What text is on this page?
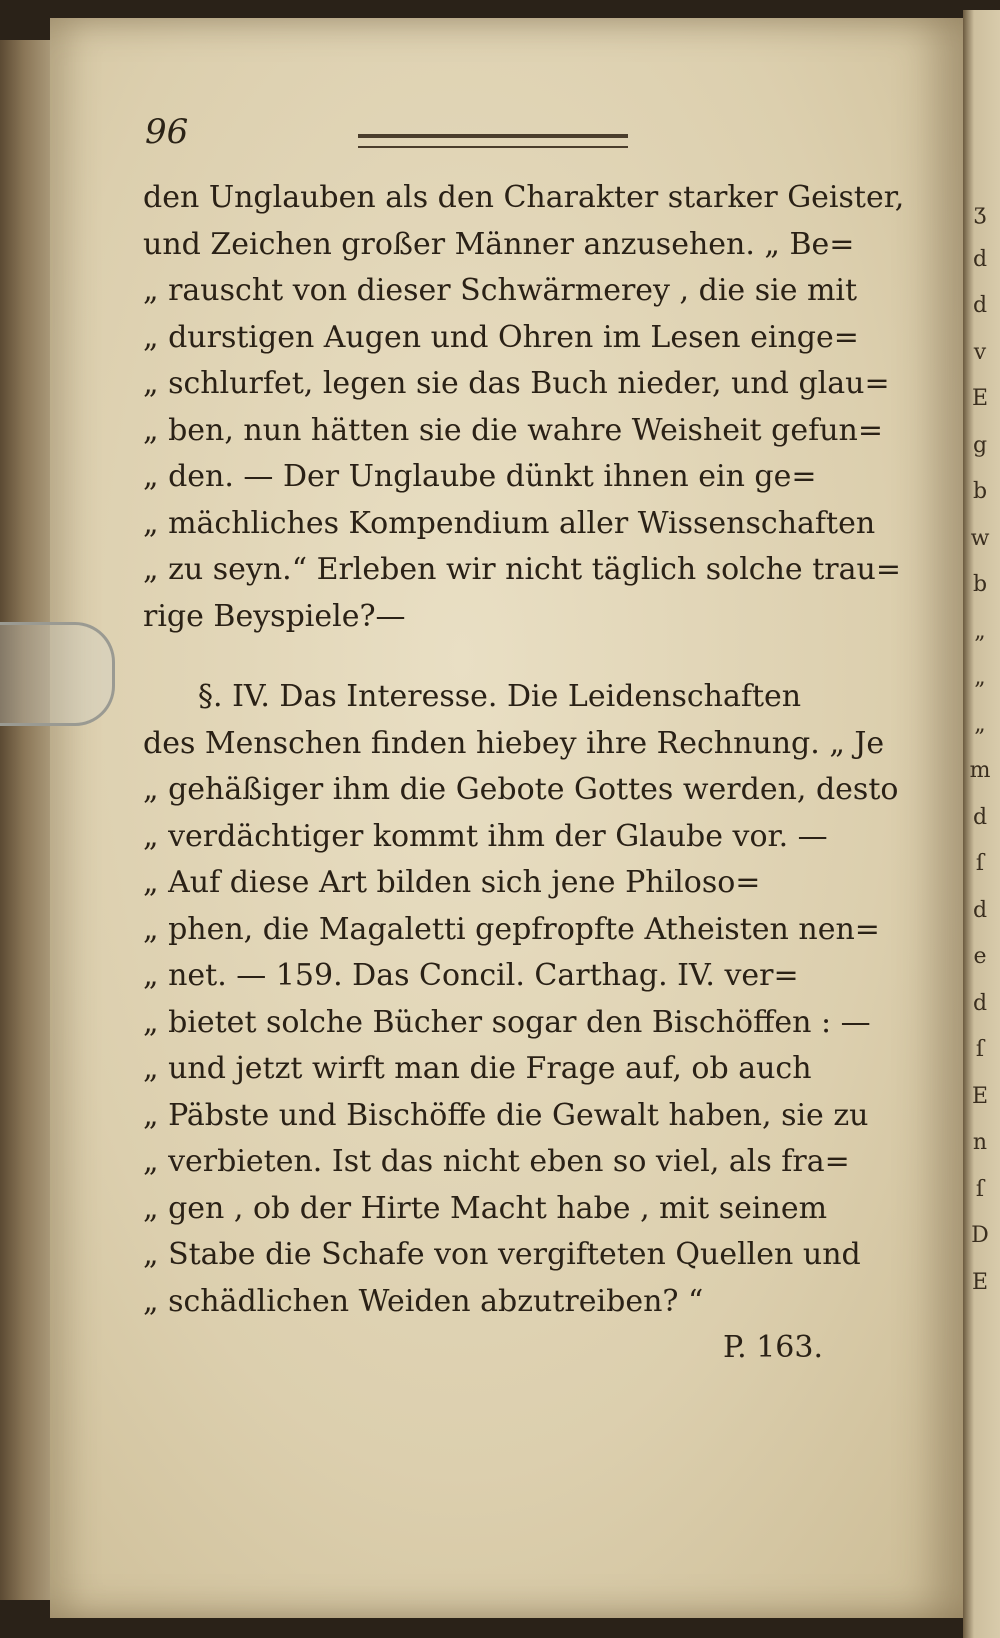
96
den Unglauben als den Charakter starker Geister,
und Zeichen großer Männer anzusehen. „ Be=
„ rauscht von dieser Schwärmerey , die sie mit
„ durstigen Augen und Ohren im Lesen einge=
„ schlurfet, legen sie das Buch nieder, und glau=
„ ben, nun hätten sie die wahre Weisheit gefun=
„ den. — Der Unglaube dünkt ihnen ein ge=
„ mächliches Kompendium aller Wissenschaften
„ zu seyn.“ Erleben wir nicht täglich solche trau=
rige Beyspiele?—
§. IV. Das Interesse. Die Leidenschaften
des Menschen finden hiebey ihre Rechnung. „ Je
„ gehäßiger ihm die Gebote Gottes werden, desto
„ verdächtiger kommt ihm der Glaube vor. —
„ Auf diese Art bilden sich jene Philoso=
„ phen, die Magaletti gepfropfte Atheisten nen=
„ net. — 159. Das Concil. Carthag. IV. ver=
„ bietet solche Bücher sogar den Bischöffen : —
„ und jetzt wirft man die Frage auf, ob auch
„ Päbste und Bischöffe die Gewalt haben, sie zu
„ verbieten. Ist das nicht eben so viel, als fra=
„ gen , ob der Hirte Macht habe , mit seinem
„ Stabe die Schafe von vergifteten Quellen und
„ schädlichen Weiden abzutreiben? “
P. 163.
ʒ
d
d
v
E
g
b
w
b
„
„
„
m
d
ſ
d
e
d
ſ
E
n
ſ
D
E
